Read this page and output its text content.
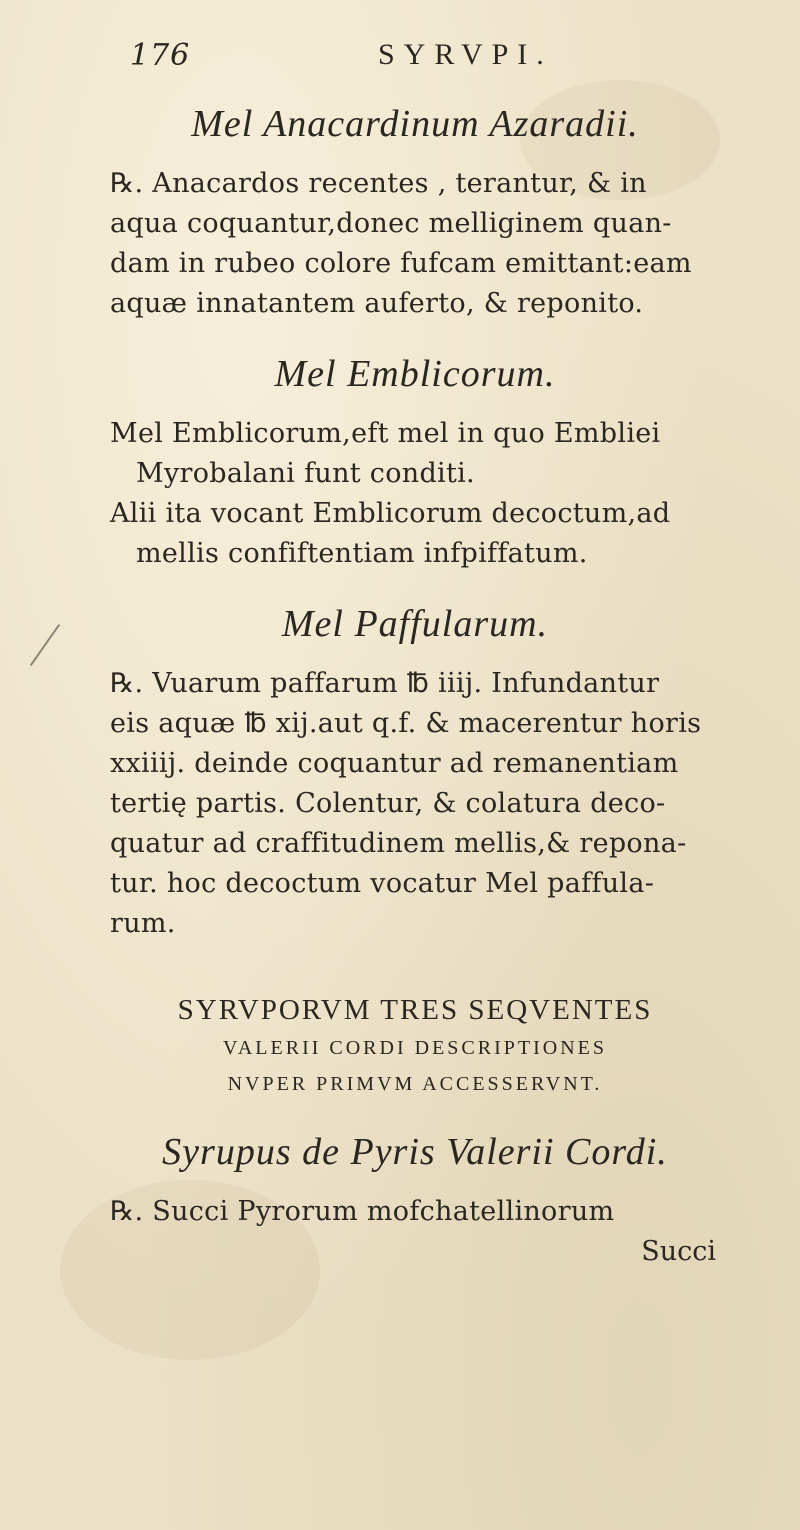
176	SYRVPI.

Mel Anacardinum Azaradii.

℞. Anacardos recentes , terantur, & in
aqua coquantur,donec melliginem quan-
dam in rubeo colore fufcam emittant:eam
aquæ innatantem auferto, & reponito.

Mel Emblicorum.

Mel Emblicorum,eft mel in quo Embliei
Myrobalani funt conditi.
Alii ita vocant Emblicorum decoctum,ad
mellis confiftentiam infpiffatum.

Mel Paffularum.

℞. Vuarum paffarum ℔ iiij. Infundantur
eis aquæ ℔ xij.aut q.f. & macerentur horis
xxiiij. deinde coquantur ad remanentiam
tertię partis. Colentur, & colatura deco-
quatur ad craffitudinem mellis,& repona-
tur. hoc decoctum vocatur Mel paffula-
rum.

SYRVPORVM TRES SEQVENTES

VALERII CORDI DESCRIPTIONES

NVPER PRIMVM ACCESSERVNT.

Syrupus de Pyris Valerii Cordi.

℞. Succi Pyrorum mofchatellinorum

Succi
